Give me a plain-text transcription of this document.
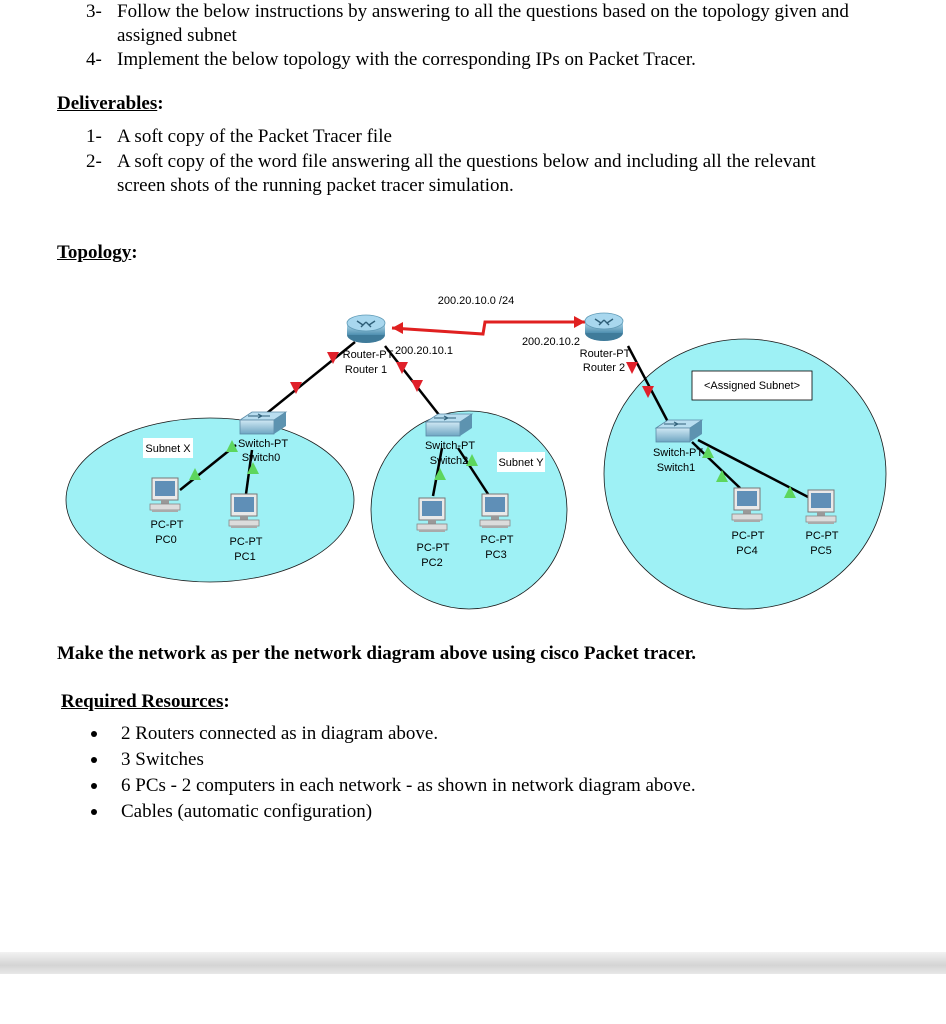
3- Follow the below instructions by answering to all the questions based on the topology given and
assigned subnet
4- Implement the below topology with the corresponding IPs on Packet Tracer.
Deliverables:
1- A soft copy of the Packet Tracer file
2- A soft copy of the word file answering all the questions below and including all the relevant
screen shots of the running packet tracer simulation.
Topology:
200.20.10.0 /24
200.20.10.1
200.20.10.2
Router-PT
Router 1
Router-PT
Router 2
Switch-PT
Switch0
Switch-PT
Switch2
Switch-PT
Switch1
PC-PT
PC0	PC-PT
PC1
PC-PT
PC2
PC-PT
PC3
PC-PT
PC4
PC-PT
PC5
Subnet X
Subnet Y
<Assigned Subnet>
Make the network as per the network diagram above using cisco Packet tracer.
Required Resources:
2 Routers connected as in diagram above.
3 Switches
6 PCs - 2 computers in each network - as shown in network diagram above.
Cables (automatic configuration)
